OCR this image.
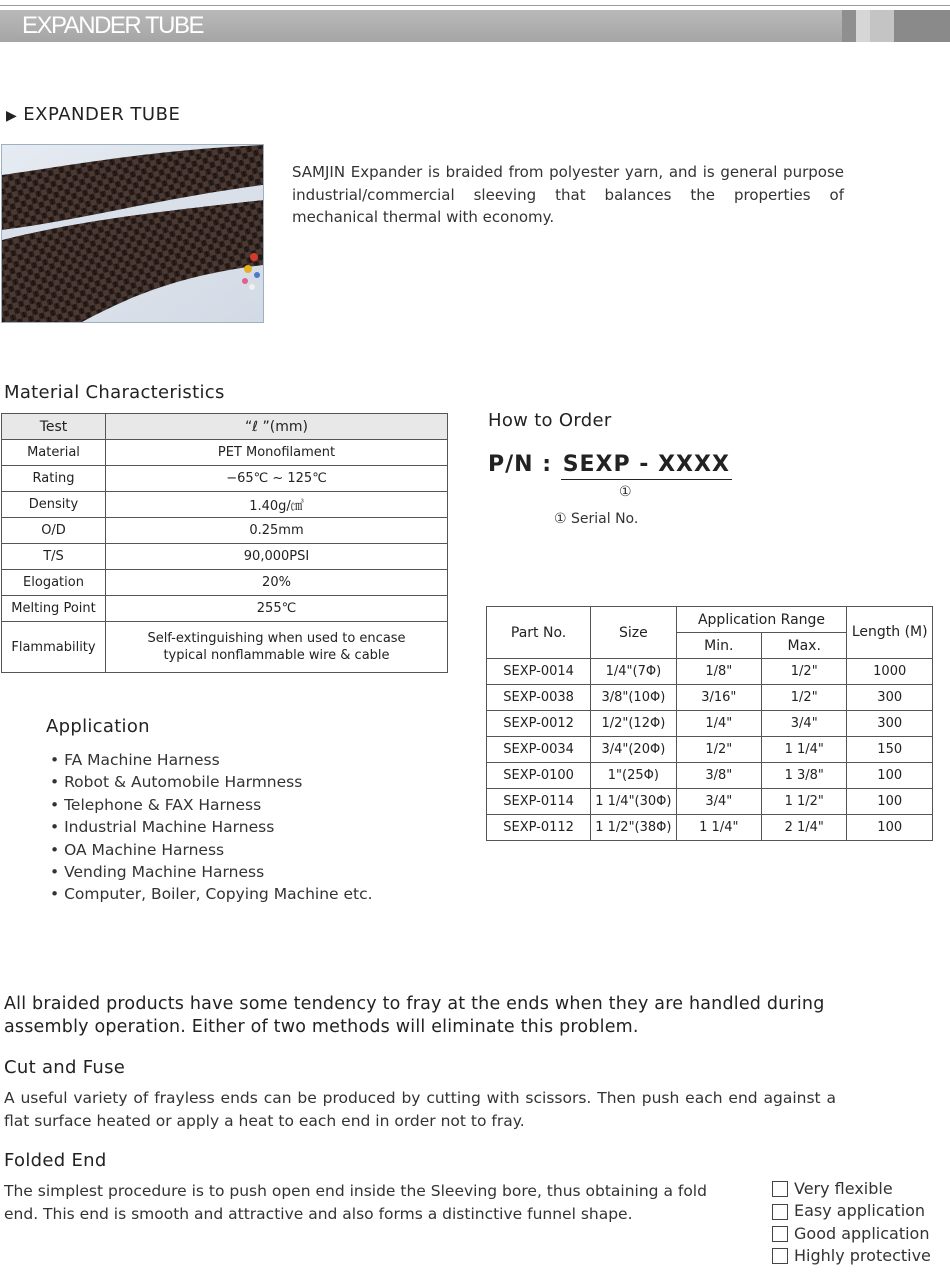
EXPANDER TUBE
▶ EXPANDER TUBE
SAMJIN Expander is braided from polyester yarn, and is general purpose industrial/commercial sleeving that balances the properties of mechanical thermal with economy.
Material Characteristics
Test	“ℓ ”(mm)
Material	PET Monofilament
Rating	−65℃ ~ 125℃
Density	1.40g/㎤
O/D	0.25mm
T/S	90,000PSI
Elogation	20%
Melting Point	255℃
Flammability	Self-extinguishing when used to encase typical nonflammable wire & cable
How to Order
P/N : SEXP - XXXX
①
① Serial No.
Part No.	Size	Application Range		Length (M)
		Min.	Max.	
SEXP-0014	1/4"(7Φ)	1/8"	1/2"	1000
SEXP-0038	3/8"(10Φ)	3/16"	1/2"	300
SEXP-0012	1/2"(12Φ)	1/4"	3/4"	300
SEXP-0034	3/4"(20Φ)	1/2"	1 1/4"	150
SEXP-0100	1"(25Φ)	3/8"	1 3/8"	100
SEXP-0114	1 1/4"(30Φ)	3/4"	1 1/2"	100
SEXP-0112	1 1/2"(38Φ)	1 1/4"	2 1/4"	100
Application
• FA Machine Harness
• Robot & Automobile Harmness
• Telephone & FAX Harness
• Industrial Machine Harness
• OA Machine Harness
• Vending Machine Harness
• Computer, Boiler, Copying Machine etc.
All braided products have some tendency to fray at the ends when they are handled during assembly operation. Either of two methods will eliminate this problem.
Cut and Fuse
A useful variety of frayless ends can be produced by cutting with scissors. Then push each end against a flat surface heated or apply a heat to each end in order not to fray.
Folded End
The simplest procedure is to push open end inside the Sleeving bore, thus obtaining a fold end. This end is smooth and attractive and also forms a distinctive funnel shape.
Very flexible
Easy application
Good application
Highly protective
